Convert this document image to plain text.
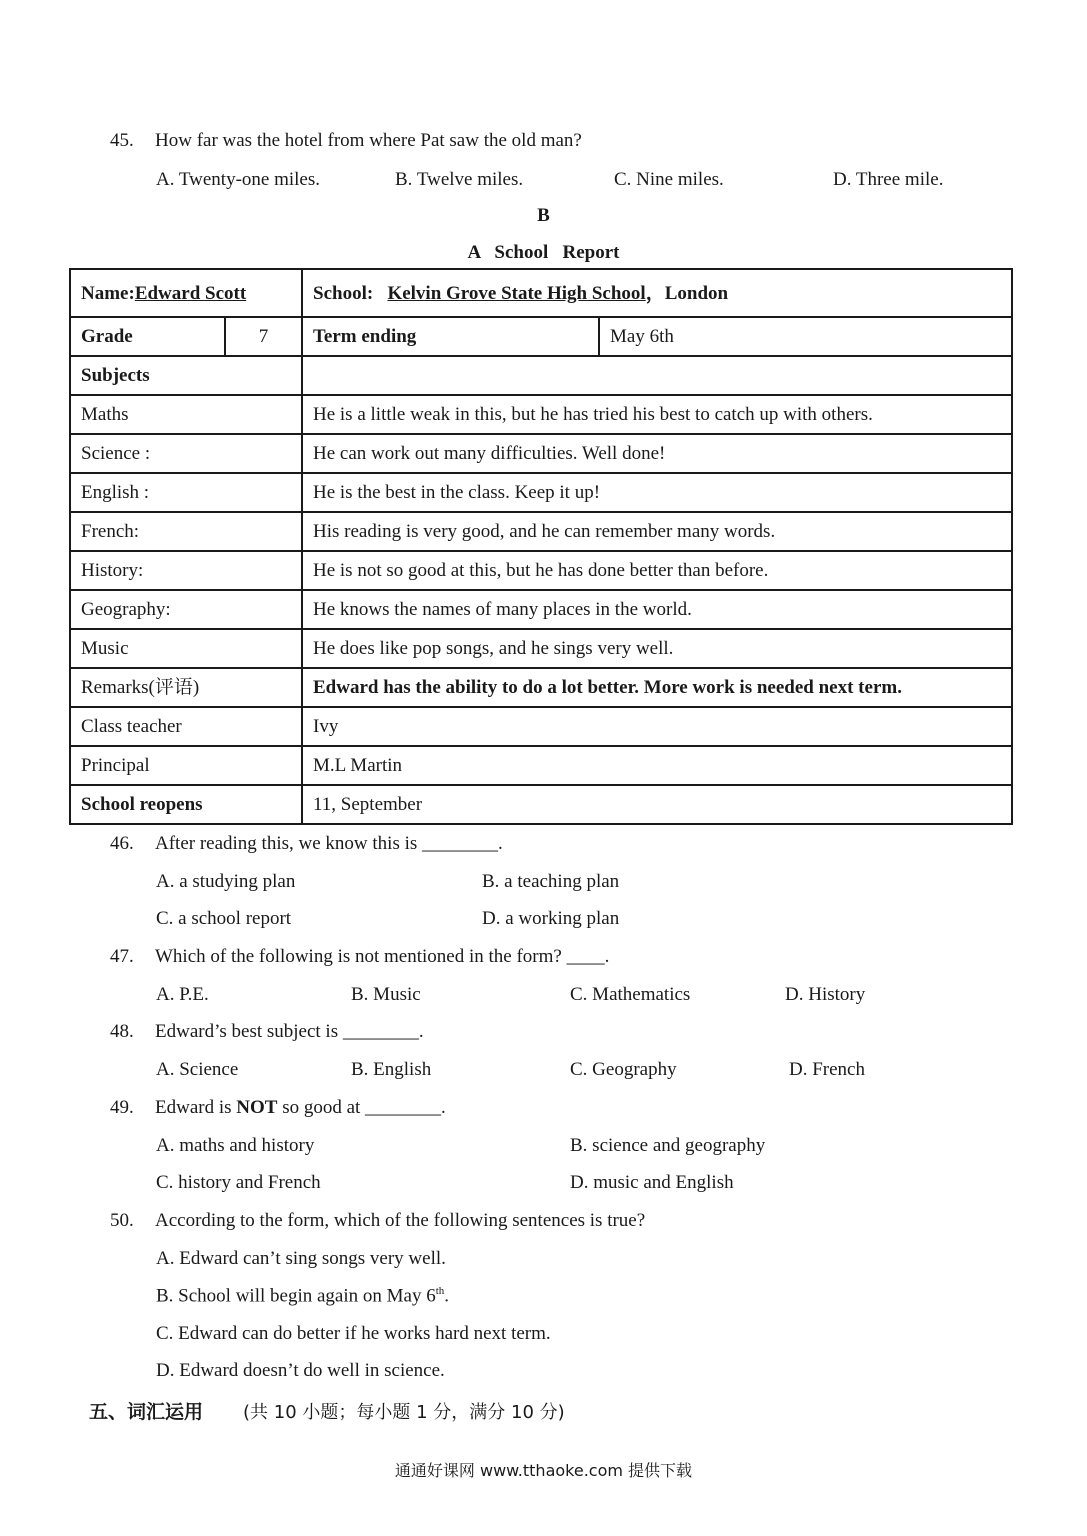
45. How far was the hotel from where Pat saw the old man?
A. Twenty-one miles.	B. Twelve miles.	C. Nine miles.	D. Three mile.
B
A   School   Report
Name:Edward Scott		School: Kelvin Grove State High School，London	
Grade	7	Term ending	May 6th
Subjects			
Maths		He is a little weak in this, but he has tried his best to catch up with others.	
Science :		He can work out many difficulties. Well done!	
English :		He is the best in the class. Keep it up!	
French:		His reading is very good, and he can remember many words.	
History:		He is not so good at this, but he has done better than before.	
Geography:		He knows the names of many places in the world.	
Music		He does like pop songs, and he sings very well.	
Remarks(评语)		Edward has the ability to do a lot better. More work is needed next term.	
Class teacher		Ivy	
Principal		M.L Martin	
School reopens		11, September	
46. After reading this, we know this is ________.
A. a studying plan	B. a teaching plan
C. a school report	D. a working plan
47. Which of the following is not mentioned in the form? ____.
A. P.E.	B. Music	C. Mathematics	D. History
48. Edward’s best subject is ________.
A. Science	B. English	C. Geography	D. French
49. Edward is NOT so good at ________.
A. maths and history	B. science and geography
C. history and French	D. music and English
50. According to the form, which of the following sentences is true?
A. Edward can’t sing songs very well.
B. School will begin again on May 6th.
C. Edward can do better if he works hard next term.
D. Edward doesn’t do well in science.
五、词汇运用 (共 10 小题；每小题 1 分，满分 10 分)
通通好课网 www.tthaoke.com 提供下载
